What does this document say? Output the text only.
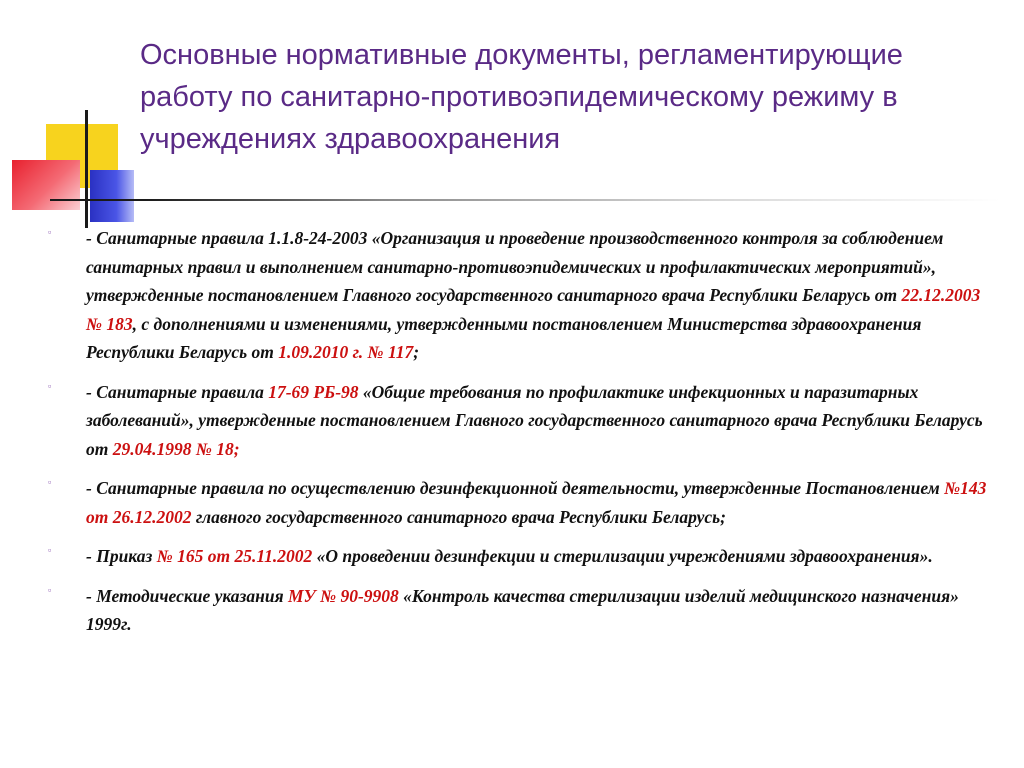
Основные нормативные документы, регламентирующие работу по санитарно-противоэпидемическому режиму в учреждениях здравоохранения
▫ - Санитарные правила 1.1.8-24-2003 «Организация и проведение производственного контроля за соблюдением санитарных правил и выполнением санитарно-противоэпидемических и профилактических мероприятий», утвержденные постановлением Главного государственного санитарного врача Республики Беларусь от 22.12.2003 № 183, с дополнениями и изменениями, утвержденными постановлением Министерства здравоохранения Республики Беларусь от 1.09.2010 г. № 117;
▫ - Санитарные правила 17-69 РБ-98 «Общие требования по профилактике инфекционных и паразитарных заболеваний», утвержденные постановлением Главного государственного санитарного врача Республики Беларусь от 29.04.1998 № 18;
▫ - Санитарные правила по осуществлению дезинфекционной деятельности, утвержденные Постановлением №143 от 26.12.2002 главного государственного санитарного врача Республики Беларусь;
▫ - Приказ № 165 от 25.11.2002 «О проведении дезинфекции и стерилизации учреждениями здравоохранения».
▫ - Методические указания МУ № 90-9908 «Контроль качества стерилизации изделий медицинского назначения» 1999г.
